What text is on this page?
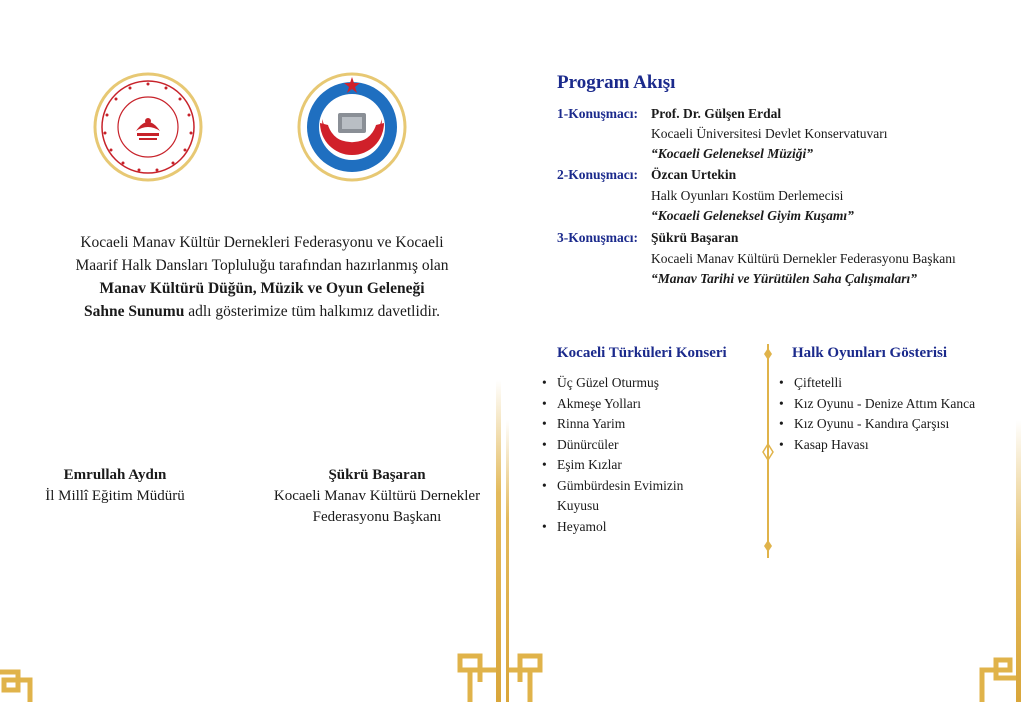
Kocaeli Manav Kültür Dernekleri Federasyonu ve Kocaeli
Maarif Halk Dansları Topluluğu tarafından hazırlanmış olan
Manav Kültürü Düğün, Müzik ve Oyun Geleneği
Sahne Sunumu adlı gösterimize tüm halkımız davetlidir.
Emrullah Aydın
İl Millî Eğitim Müdürü
Şükrü Başaran
Kocaeli Manav Kültürü Dernekler
Federasyonu Başkanı
Program Akışı
1-Konuşmacı: Prof. Dr. Gülşen Erdal
Kocaeli Üniversitesi Devlet Konservatuvarı
“Kocaeli Geleneksel Müziği”
2-Konuşmacı: Özcan Urtekin
Halk Oyunları Kostüm Derlemecisi
“Kocaeli Geleneksel Giyim Kuşamı”
3-Konuşmacı: Şükrü Başaran
Kocaeli Manav Kültürü Dernekler Federasyonu Başkanı
“Manav Tarihi ve Yürütülen Saha Çalışmaları”
Kocaeli Türküleri Konseri
• Üç Güzel Oturmuş
• Akmeşe Yolları
• Rinna Yarim
• Dünürcüler
• Eşim Kızlar
• Gümbürdesin Evimizin Kuyusu
• Heyamol
Halk Oyunları Gösterisi
• Çiftetelli
• Kız Oyunu - Denize Attım Kanca
• Kız Oyunu - Kandıra Çarşısı
• Kasap Havası
